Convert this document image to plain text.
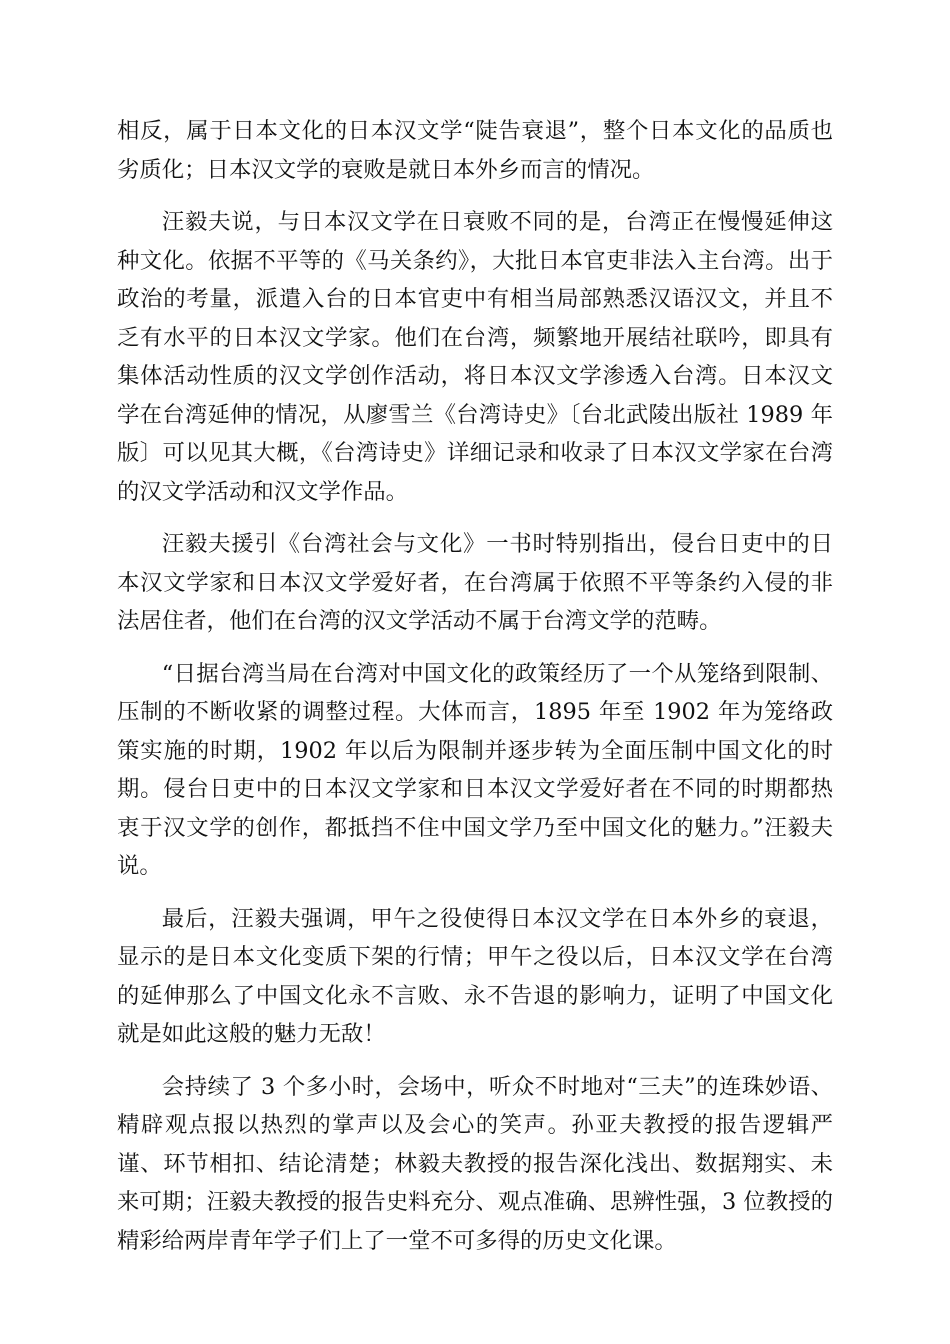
相反，属于日本文化的日本汉文学“陡告衰退”，整个日本文化的品质也劣质化；日本汉文学的衰败是就日本外乡而言的情况。

汪毅夫说，与日本汉文学在日衰败不同的是，台湾正在慢慢延伸这种文化。依据不平等的《马关条约》，大批日本官吏非法入主台湾。出于政治的考量，派遣入台的日本官吏中有相当局部熟悉汉语汉文，并且不乏有水平的日本汉文学家。他们在台湾，频繁地开展结社联吟，即具有集体活动性质的汉文学创作活动，将日本汉文学渗透入台湾。日本汉文学在台湾延伸的情况，从廖雪兰《台湾诗史》〔台北武陵出版社 1989 年版〕可以见其大概，《台湾诗史》详细记录和收录了日本汉文学家在台湾的汉文学活动和汉文学作品。

汪毅夫援引《台湾社会与文化》一书时特别指出，侵台日吏中的日本汉文学家和日本汉文学爱好者，在台湾属于依照不平等条约入侵的非法居住者，他们在台湾的汉文学活动不属于台湾文学的范畴。

“日据台湾当局在台湾对中国文化的政策经历了一个从笼络到限制、压制的不断收紧的调整过程。大体而言，1895 年至 1902 年为笼络政策实施的时期，1902 年以后为限制并逐步转为全面压制中国文化的时期。侵台日吏中的日本汉文学家和日本汉文学爱好者在不同的时期都热衷于汉文学的创作，都抵挡不住中国文学乃至中国文化的魅力。”汪毅夫说。

最后，汪毅夫强调，甲午之役使得日本汉文学在日本外乡的衰退，显示的是日本文化变质下架的行情；甲午之役以后，日本汉文学在台湾的延伸那么了中国文化永不言败、永不告退的影响力，证明了中国文化就是如此这般的魅力无敌！

会持续了 3 个多小时，会场中，听众不时地对“三夫”的连珠妙语、精辟观点报以热烈的掌声以及会心的笑声。孙亚夫教授的报告逻辑严谨、环节相扣、结论清楚；林毅夫教授的报告深化浅出、数据翔实、未来可期；汪毅夫教授的报告史料充分、观点准确、思辨性强，3 位教授的精彩给两岸青年学子们上了一堂不可多得的历史文化课。
